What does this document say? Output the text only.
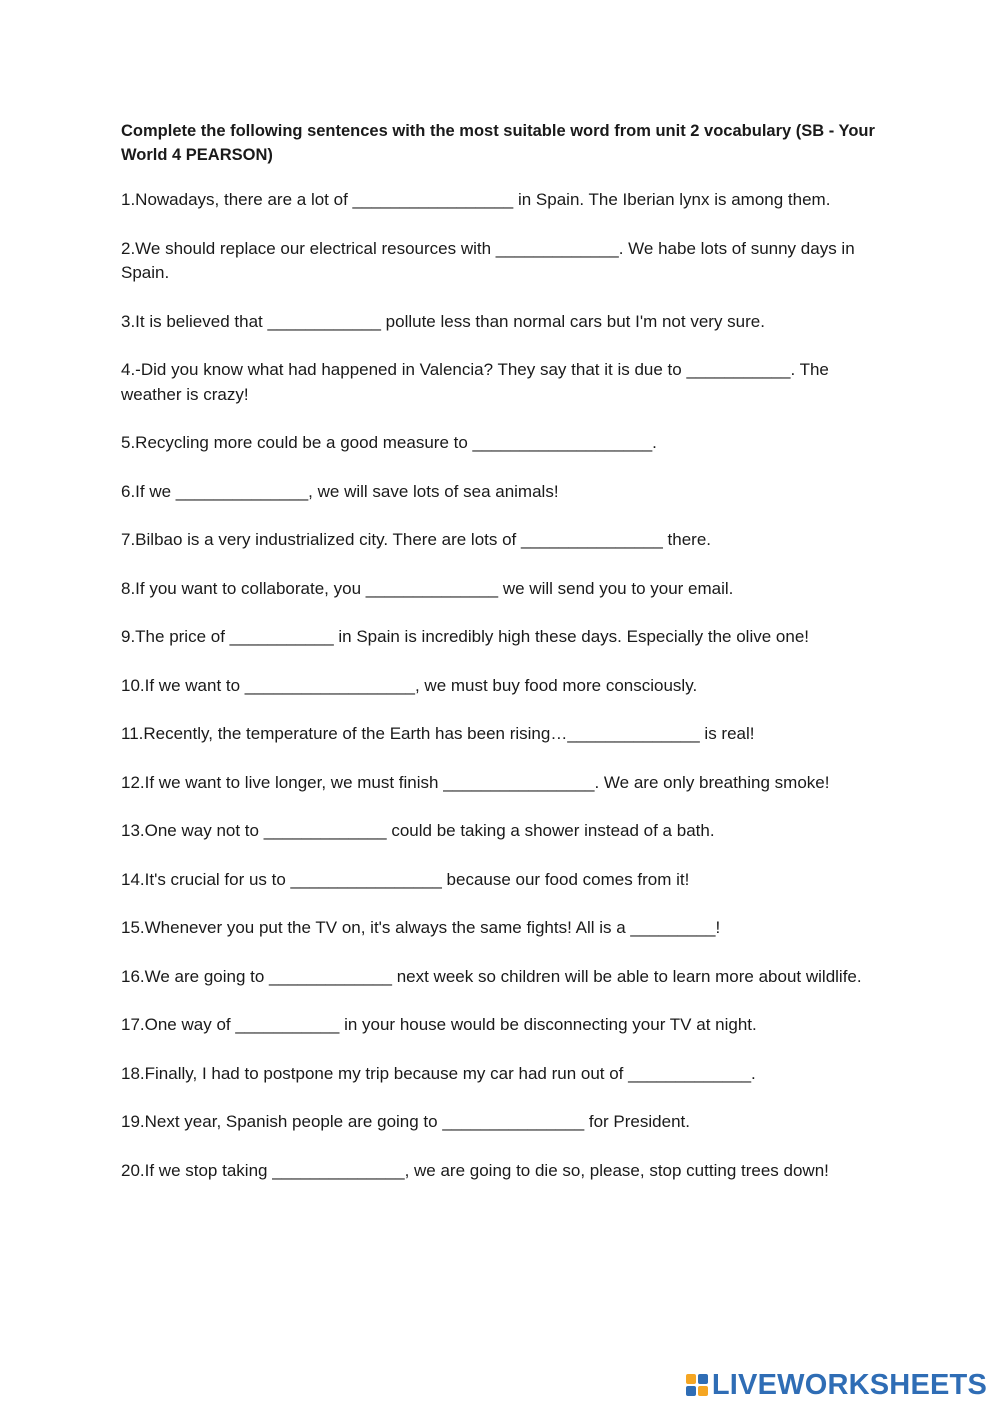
Complete the following sentences with the most suitable word from unit 2 vocabulary (SB - Your World 4 PEARSON)

1.Nowadays, there are a lot of _________________ in Spain. The Iberian lynx is among them.

2.We should replace our electrical resources with _____________. We habe lots of sunny days in Spain.

3.It is believed that ____________ pollute less than normal cars but I'm not very sure.

4.-Did you know what had happened in Valencia? They say that it is due to ___________. The weather is crazy!

5.Recycling more could be a good measure to ___________________.

6.If we ______________, we will save lots of sea animals!

7.Bilbao is a very industrialized city. There are lots of _______________ there.

8.If you want to collaborate, you ______________ we will send you to your email.

9.The price of ___________ in Spain is incredibly high these days. Especially the olive one!

10.If we want to __________________, we must buy food more consciously.

11.Recently, the temperature of the Earth has been rising…______________ is real!

12.If we want to live longer, we must finish ________________. We are only breathing smoke!

13.One way not to _____________ could be taking a shower instead of a bath.

14.It's crucial for us to ________________ because our food comes from it!

15.Whenever you put the TV on, it's always the same fights! All is a _________!

16.We are going to _____________ next week so children will be able to learn more about wildlife.

17.One way of ___________ in your house would be disconnecting your TV at night.

18.Finally, I had to postpone my trip because my car had run out of _____________.

19.Next year, Spanish people are going to _______________ for President.

20.If we stop taking ______________, we are going to die so, please, stop cutting trees down!

LIVEWORKSHEETS
